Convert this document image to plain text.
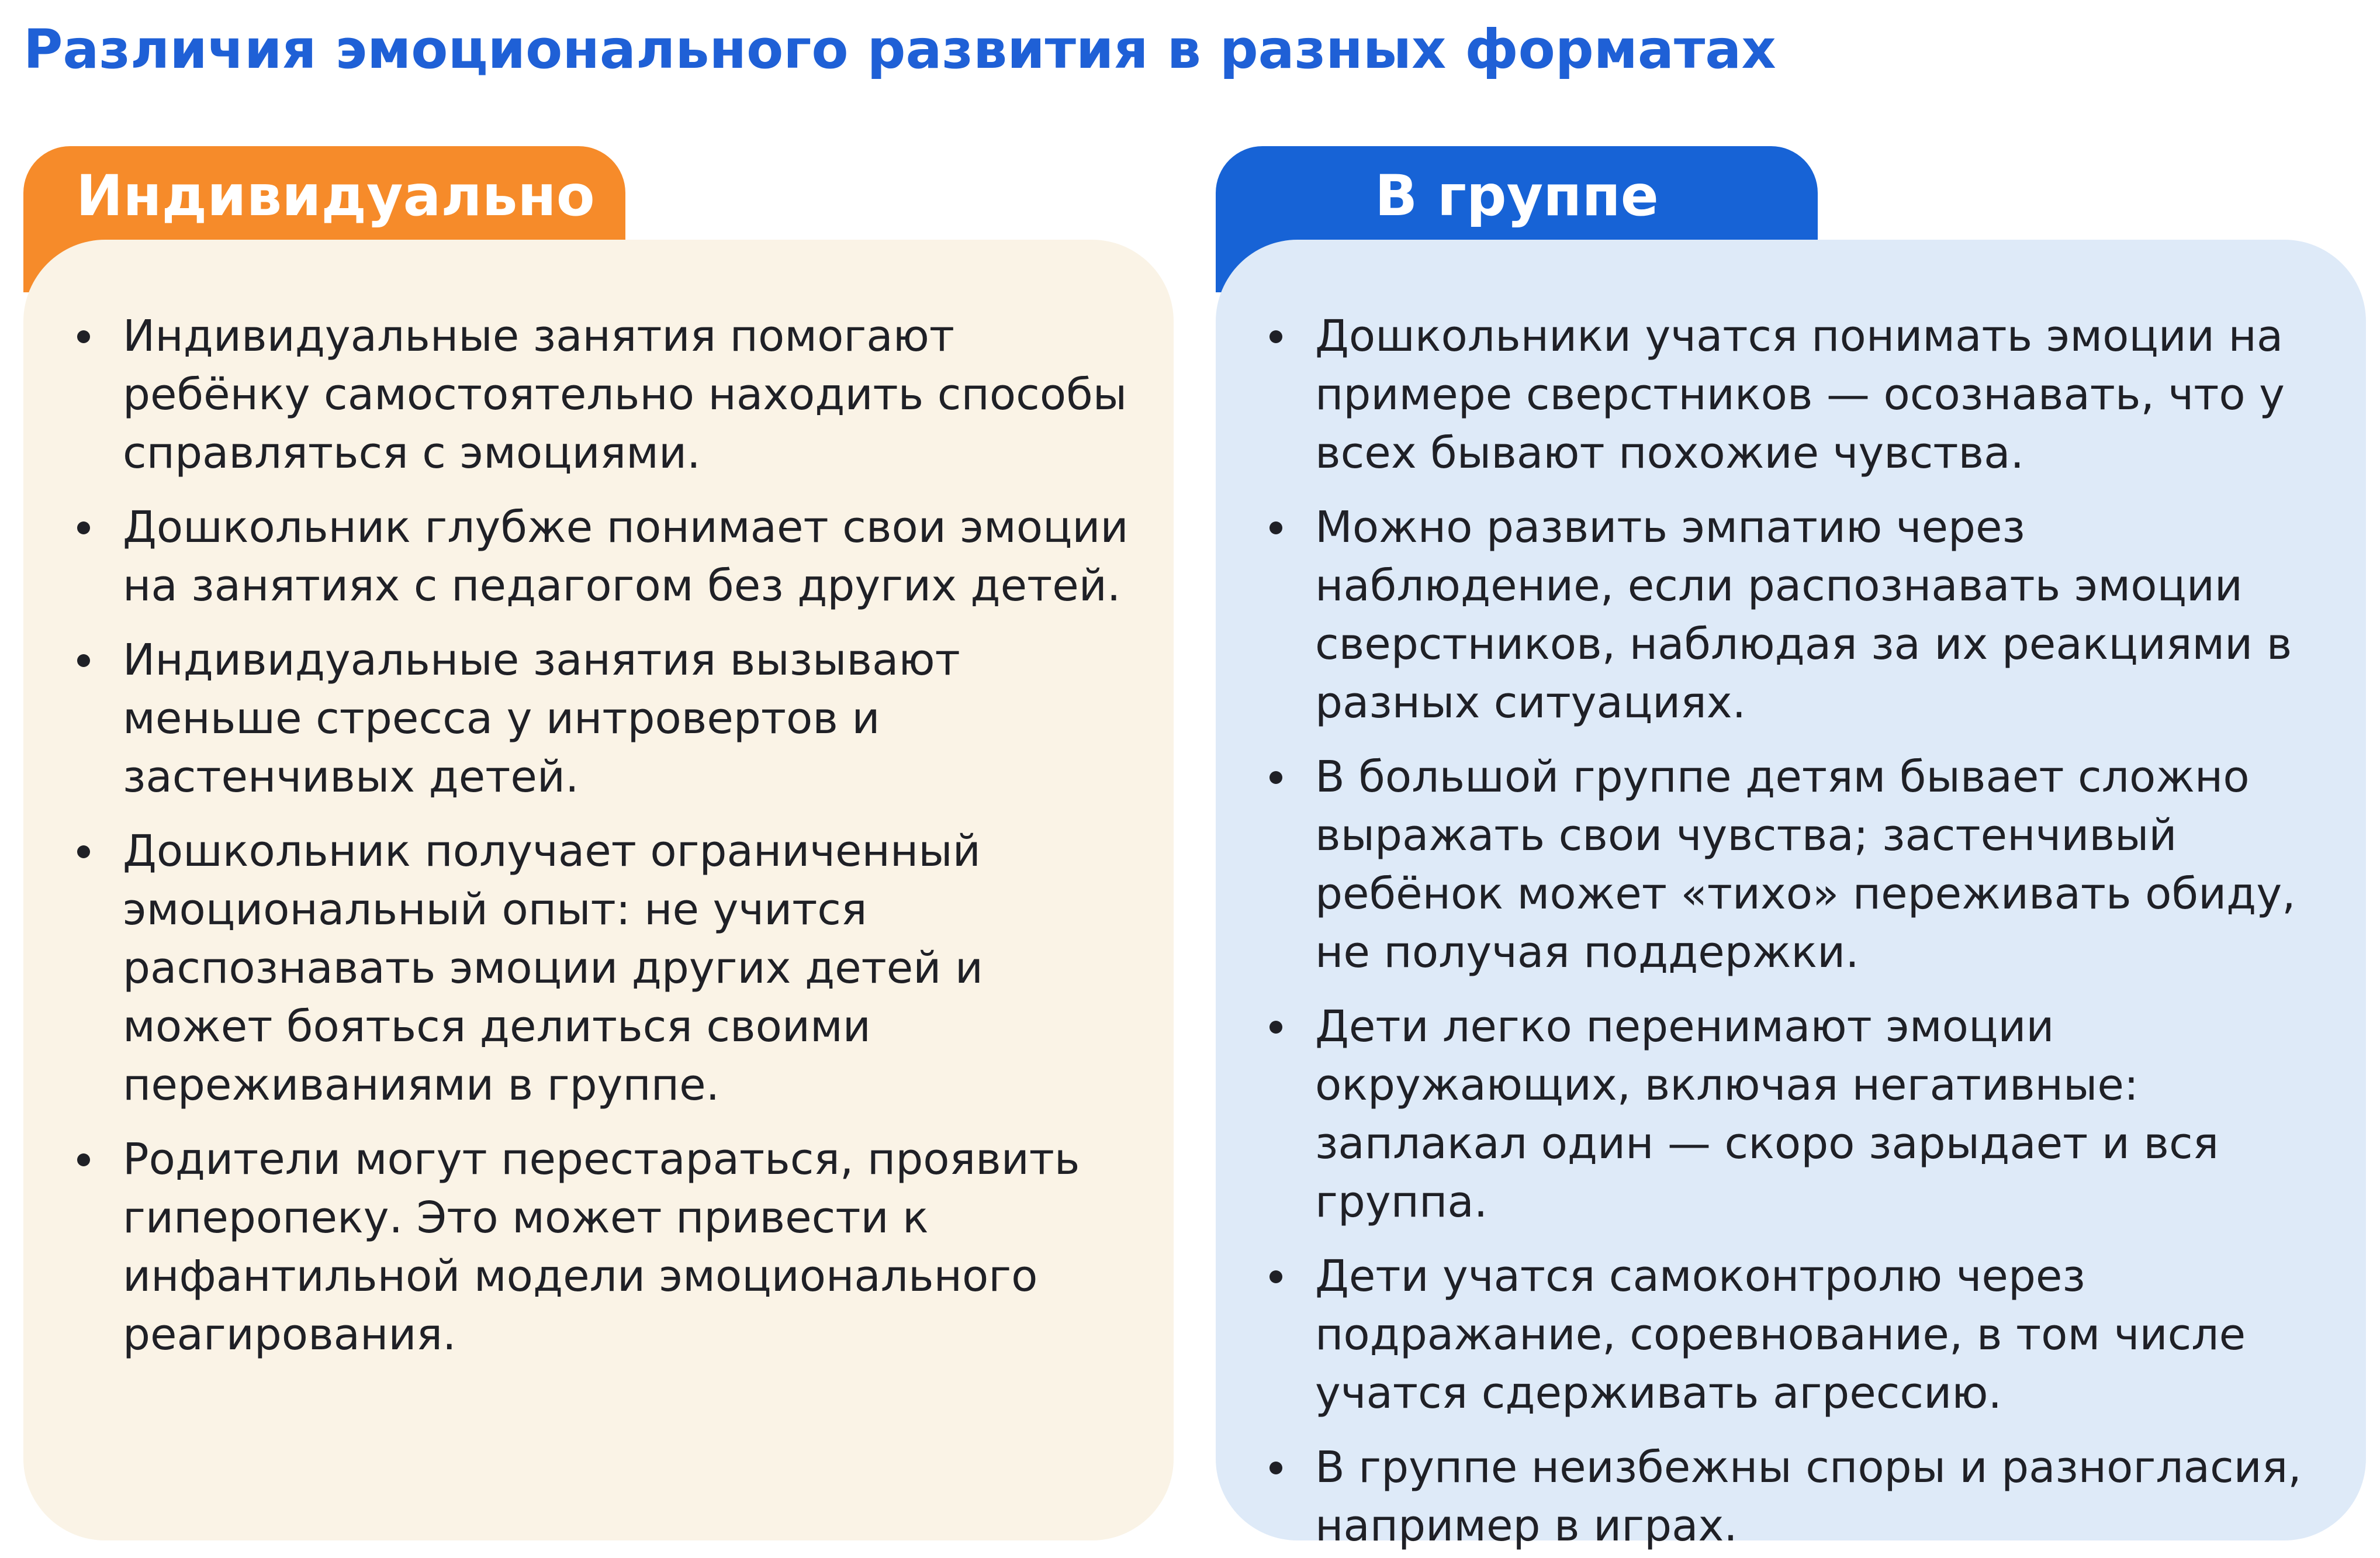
Различия эмоционального развития в разных форматах
Индивидуально
Индивидуальные занятия помогают ребёнку самостоятельно находить способы справляться с эмоциями.
Дошкольник глубже понимает свои эмоции на занятиях с педагогом без других детей.
Индивидуальные занятия вызывают меньше стресса у интровертов и застенчивых детей.
Дошкольник получает ограниченный эмоциональный опыт: не учится распознавать эмоции других детей и может бояться делиться своими переживаниями в группе.
Родители могут перестараться, проявить гиперопеку. Это может привести к инфантильной модели эмоционального реагирования.
В группе
Дошкольники учатся понимать эмоции на примере сверстников — осознавать, что у всех бывают похожие чувства.
Можно развить эмпатию через наблюдение, если распознавать эмоции сверстников, наблюдая за их реакциями в разных ситуациях.
В большой группе детям бывает сложно выражать свои чувства; застенчивый ребёнок может «тихо» переживать обиду, не получая поддержки.
Дети легко перенимают эмоции окружающих, включая негативные: заплакал один — скоро зарыдает и вся группа.
Дети учатся самоконтролю через подражание, соревнование, в том числе учатся сдерживать агрессию.
В группе неизбежны споры и разногласия, например в играх.
